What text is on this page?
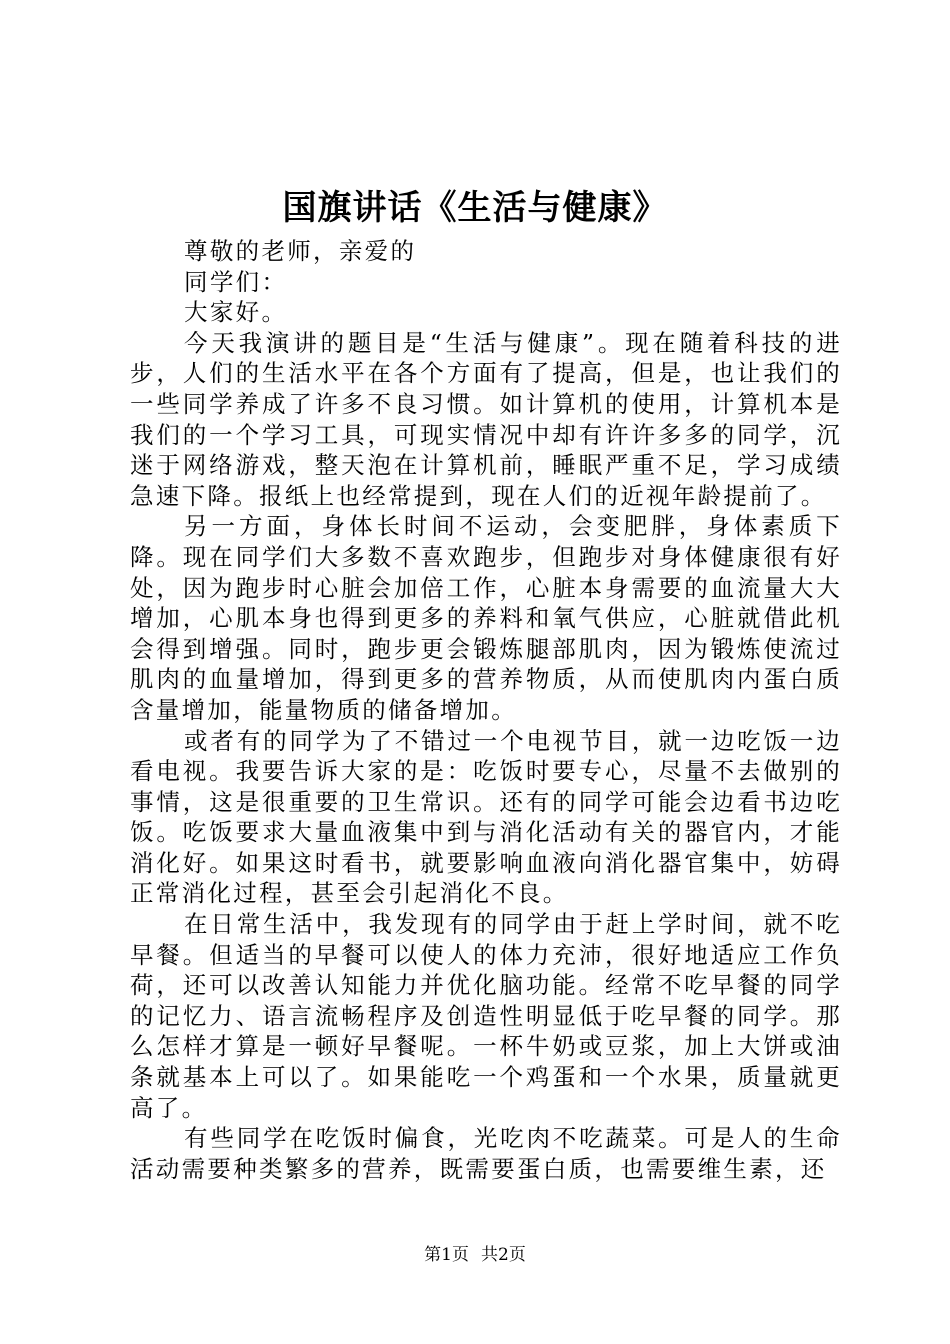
国旗讲话《生活与健康》

尊敬的老师，亲爱的

同学们：

大家好。

今天我演讲的题目是“生活与健康”。现在随着科技的进步，人们的生活水平在各个方面有了提高，但是，也让我们的一些同学养成了许多不良习惯。如计算机的使用，计算机本是我们的一个学习工具，可现实情况中却有许许多多的同学，沉迷于网络游戏，整天泡在计算机前，睡眠严重不足，学习成绩急速下降。报纸上也经常提到，现在人们的近视年龄提前了。

另一方面，身体长时间不运动，会变肥胖，身体素质下降。现在同学们大多数不喜欢跑步，但跑步对身体健康很有好处，因为跑步时心脏会加倍工作，心脏本身需要的血流量大大增加，心肌本身也得到更多的养料和氧气供应，心脏就借此机会得到增强。同时，跑步更会锻炼腿部肌肉，因为锻炼使流过肌肉的血量增加，得到更多的营养物质，从而使肌肉内蛋白质含量增加，能量物质的储备增加。

或者有的同学为了不错过一个电视节目，就一边吃饭一边看电视。我要告诉大家的是：吃饭时要专心，尽量不去做别的事情，这是很重要的卫生常识。还有的同学可能会边看书边吃饭。吃饭要求大量血液集中到与消化活动有关的器官内，才能消化好。如果这时看书，就要影响血液向消化器官集中，妨碍正常消化过程，甚至会引起消化不良。

在日常生活中，我发现有的同学由于赶上学时间，就不吃早餐。但适当的早餐可以使人的体力充沛，很好地适应工作负荷，还可以改善认知能力并优化脑功能。经常不吃早餐的同学的记忆力、语言流畅程序及创造性明显低于吃早餐的同学。那么怎样才算是一顿好早餐呢。一杯牛奶或豆浆，加上大饼或油条就基本上可以了。如果能吃一个鸡蛋和一个水果，质量就更高了。

有些同学在吃饭时偏食，光吃肉不吃蔬菜。可是人的生命活动需要种类繁多的营养，既需要蛋白质，也需要维生素，还

第1页 共2页
